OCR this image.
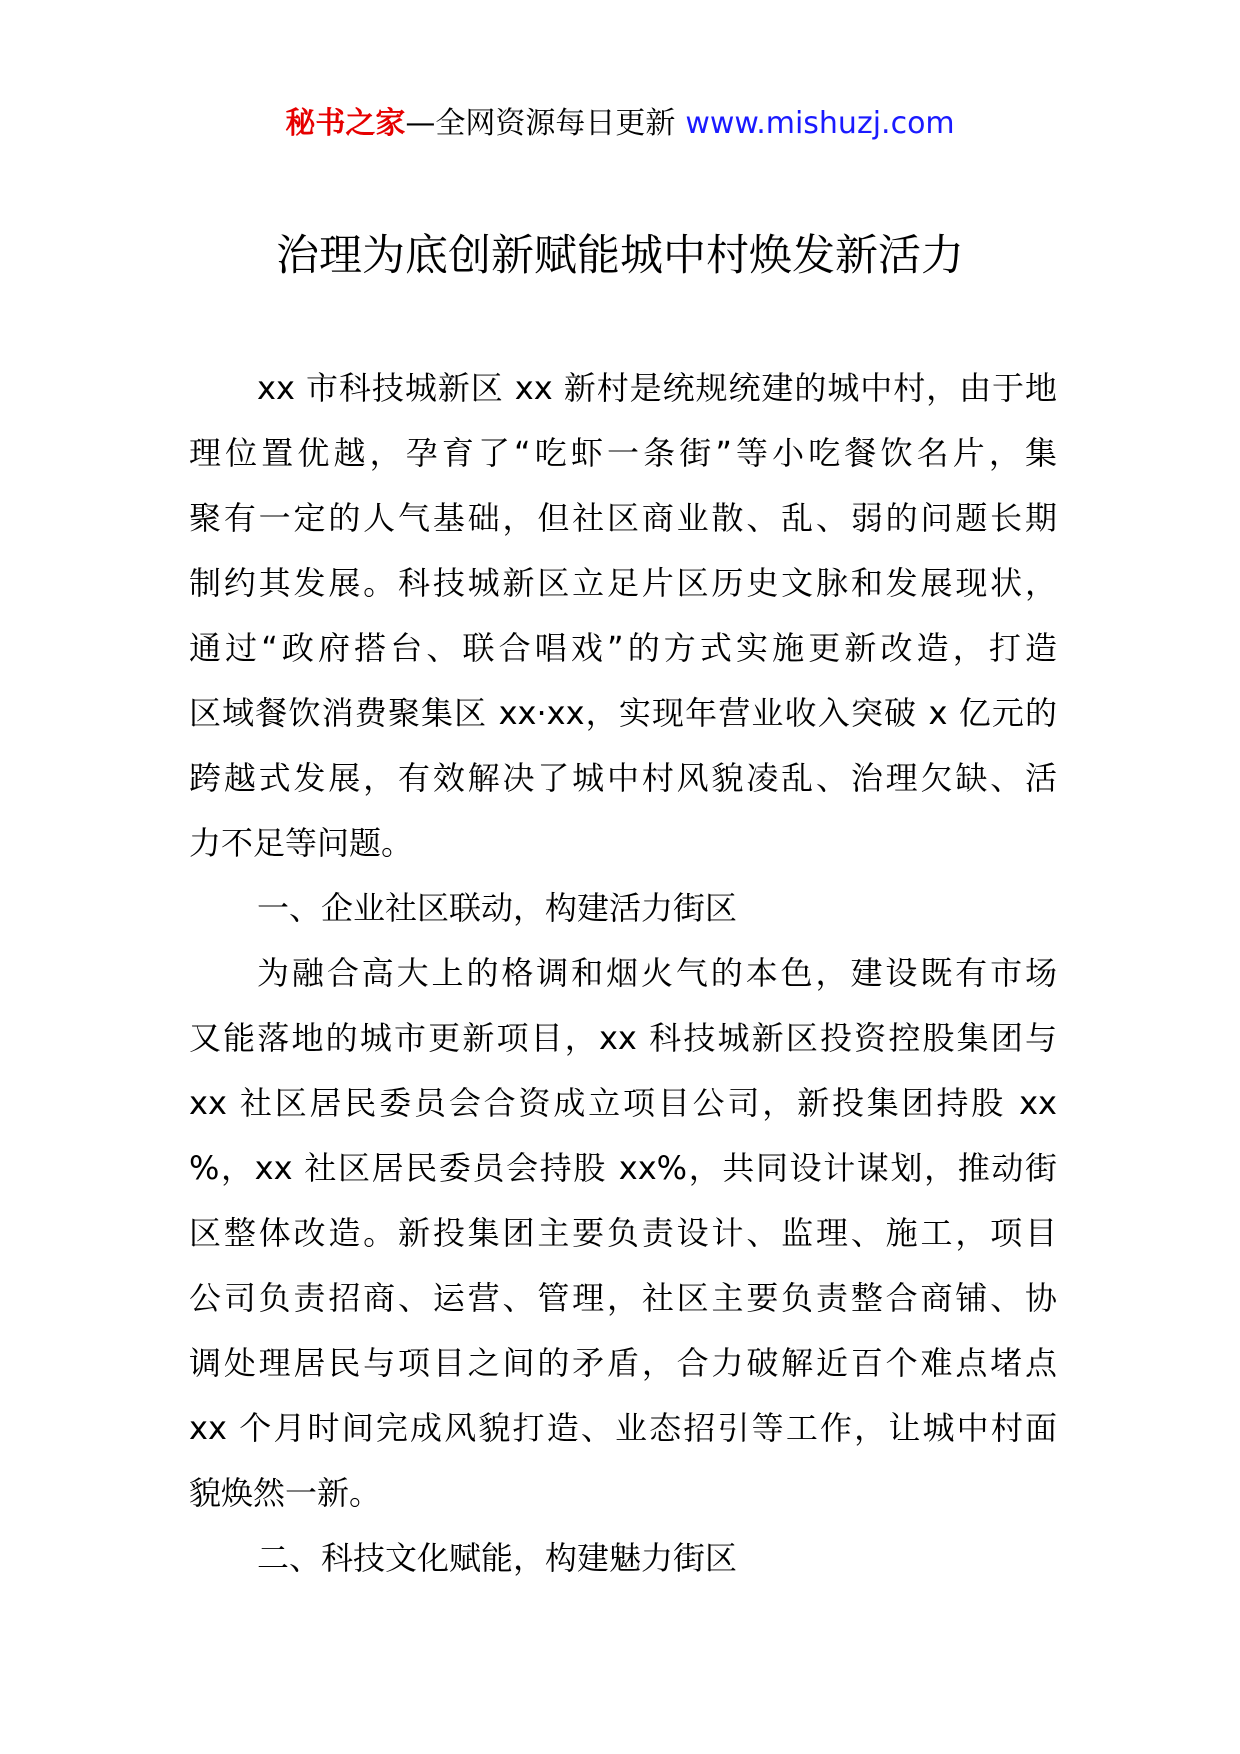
秘书之家—全网资源每日更新 www.mishuzj.com
治理为底创新赋能城中村焕发新活力
xx 市科技城新区 xx 新村是统规统建的城中村，由于地
理位置优越，孕育了“吃虾一条街”等小吃餐饮名片，集
聚有一定的人气基础，但社区商业散、乱、弱的问题长期
制约其发展。科技城新区立足片区历史文脉和发展现状，
通过“政府搭台、联合唱戏”的方式实施更新改造，打造
区域餐饮消费聚集区 xx·xx，实现年营业收入突破 x 亿元的
跨越式发展，有效解决了城中村风貌凌乱、治理欠缺、活
力不足等问题。
一、企业社区联动，构建活力街区
为融合高大上的格调和烟火气的本色，建设既有市场
又能落地的城市更新项目，xx 科技城新区投资控股集团与
xx 社区居民委员会合资成立项目公司，新投集团持股 xx
%，xx 社区居民委员会持股 xx%，共同设计谋划，推动街
区整体改造。新投集团主要负责设计、监理、施工，项目
公司负责招商、运营、管理，社区主要负责整合商铺、协
调处理居民与项目之间的矛盾，合力破解近百个难点堵点
xx 个月时间完成风貌打造、业态招引等工作，让城中村面
貌焕然一新。
二、科技文化赋能，构建魅力街区
